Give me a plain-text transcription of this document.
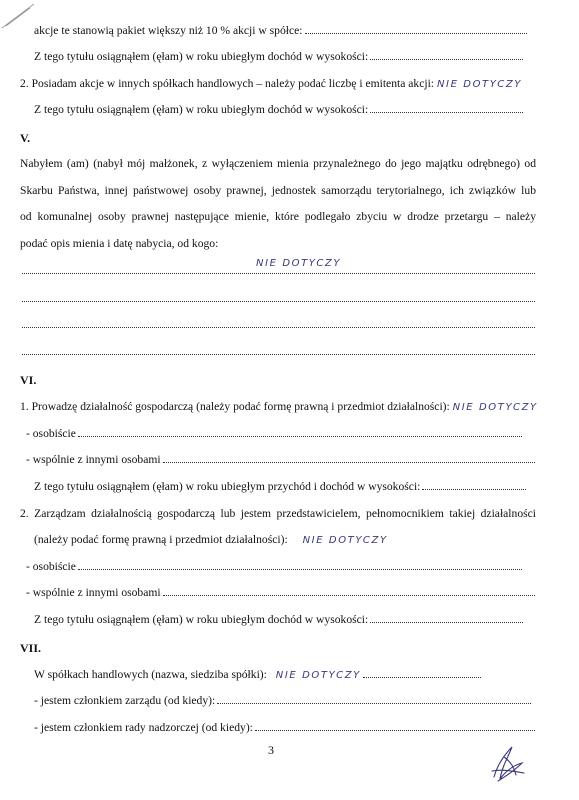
akcje te stanowią pakiet większy niż 10 % akcji w spółce:
Z tego tytułu osiągnąłem (ęłam) w roku ubiegłym dochód w wysokości:
2. Posiadam akcje w innych spółkach handlowych – należy podać liczbę i emitenta akcji: NIE DOTYCZY
Z tego tytułu osiągnąłem (ęłam) w roku ubiegłym dochód w wysokości:
V.
Nabyłem (am) (nabył mój małżonek, z wyłączeniem mienia przynależnego do jego majątku odrębnego) od
Skarbu Państwa, innej państwowej osoby prawnej, jednostek samorządu terytorialnego, ich związków lub
od komunalnej osoby prawnej następujące mienie, które podlegało zbyciu w drodze przetargu – należy
podać opis mienia i datę nabycia, od kogo:
NIE DOTYCZY
VI.
1. Prowadzę działalność gospodarczą (należy podać formę prawną i przedmiot działalności): NIE DOTYCZY
- osobiście
- wspólnie z innymi osobami
Z tego tytułu osiągnąłem (ęłam) w roku ubiegłym przychód i dochód w wysokości:
2. Zarządzam działalnością gospodarczą lub jestem przedstawicielem, pełnomocnikiem takiej działalności
(należy podać formę prawną i przedmiot działalności): NIE DOTYCZY
- osobiście
- wspólnie z innymi osobami
Z tego tytułu osiągnąłem (ęłam) w roku ubiegłym dochód w wysokości:
VII.
W spółkach handlowych (nazwa, siedziba spółki): NIE DOTYCZY
- jestem członkiem zarządu (od kiedy):
- jestem członkiem rady nadzorczej (od kiedy):
3
